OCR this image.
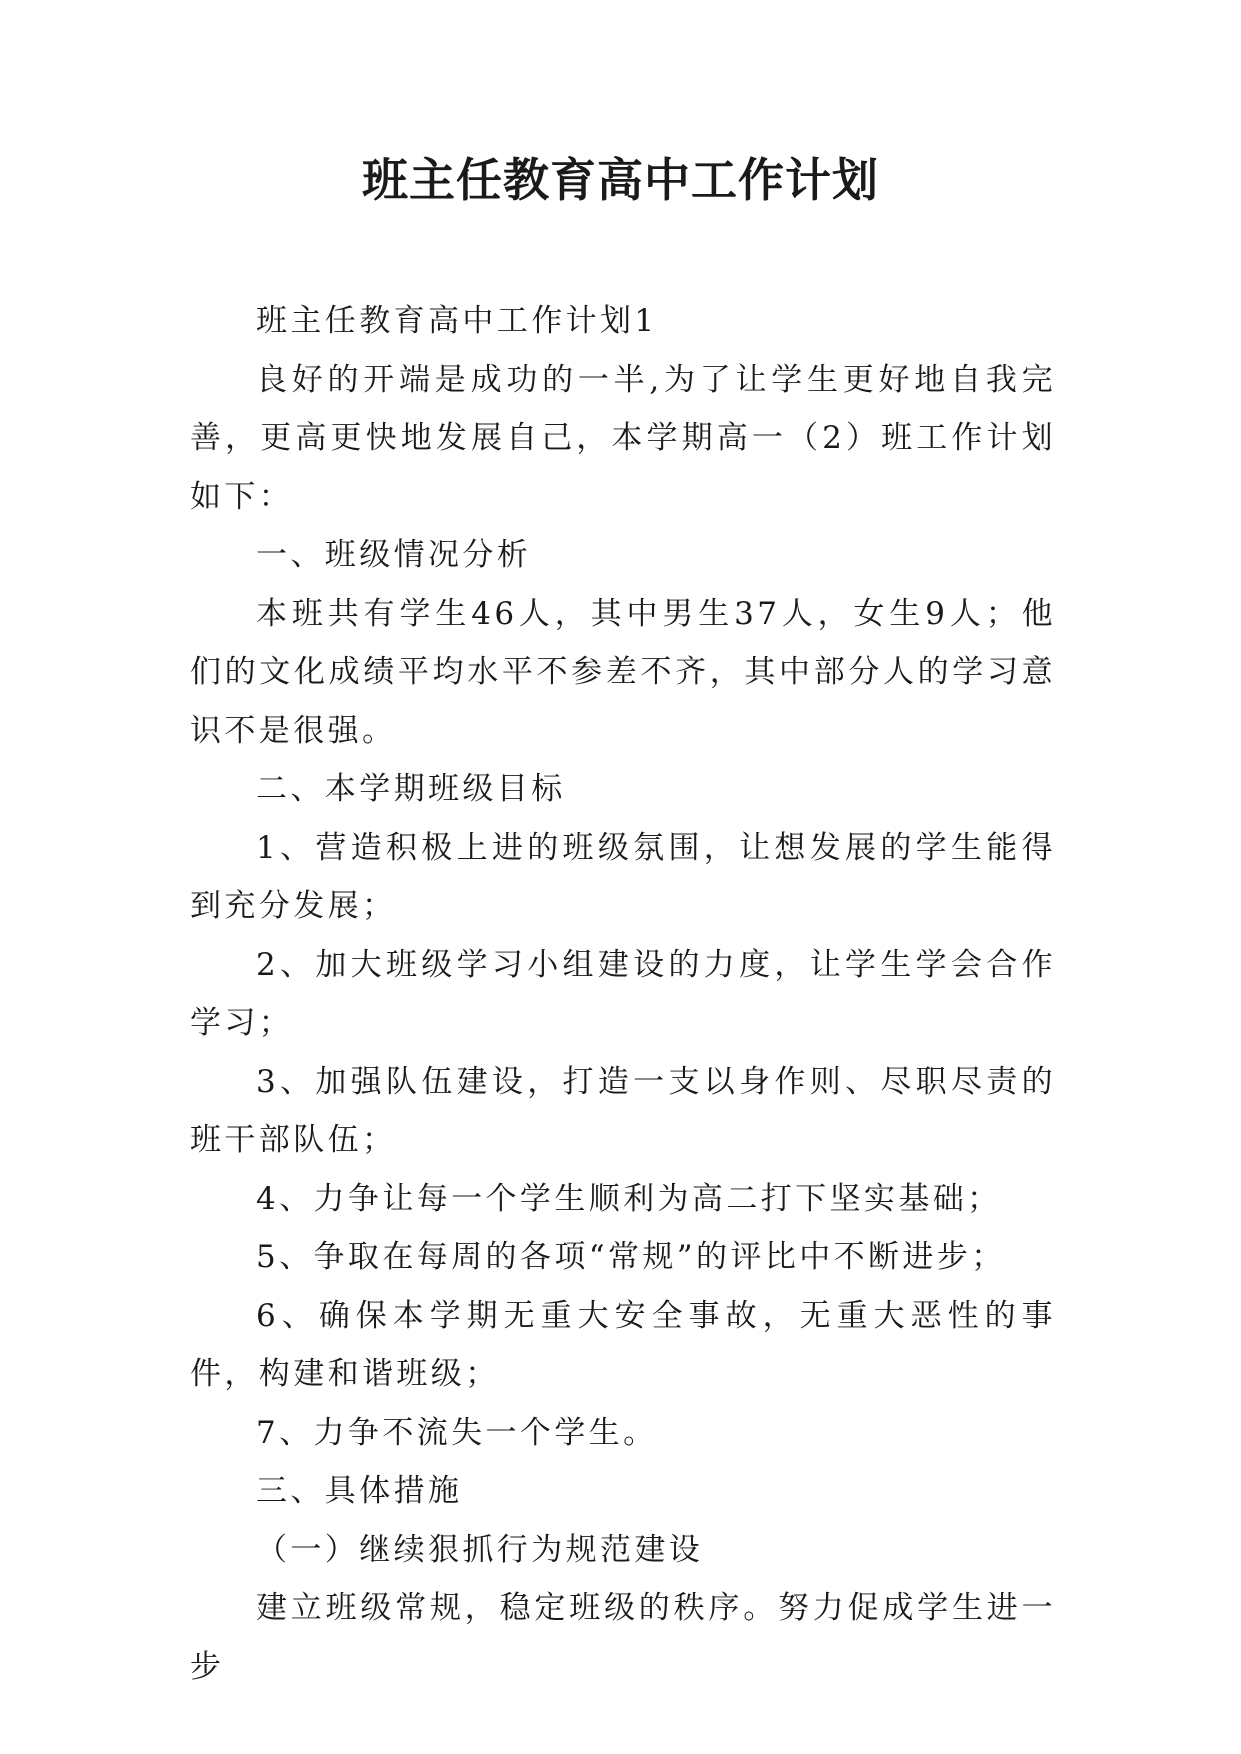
班主任教育高中工作计划

班主任教育高中工作计划1

良好的开端是成功的一半,为了让学生更好地自我完善，更高更快地发展自己，本学期高一（2）班工作计划如下：

一、班级情况分析

本班共有学生46人，其中男生37人，女生9人；他们的文化成绩平均水平不参差不齐，其中部分人的学习意识不是很强。

二、本学期班级目标

1、营造积极上进的班级氛围，让想发展的学生能得到充分发展；

2、加大班级学习小组建设的力度，让学生学会合作学习；

3、加强队伍建设，打造一支以身作则、尽职尽责的班干部队伍；

4、力争让每一个学生顺利为高二打下坚实基础；

5、争取在每周的各项“常规”的评比中不断进步；

6、确保本学期无重大安全事故，无重大恶性的事件，构建和谐班级；

7、力争不流失一个学生。

三、具体措施

（一）继续狠抓行为规范建设

建立班级常规，稳定班级的秩序。努力促成学生进一步
